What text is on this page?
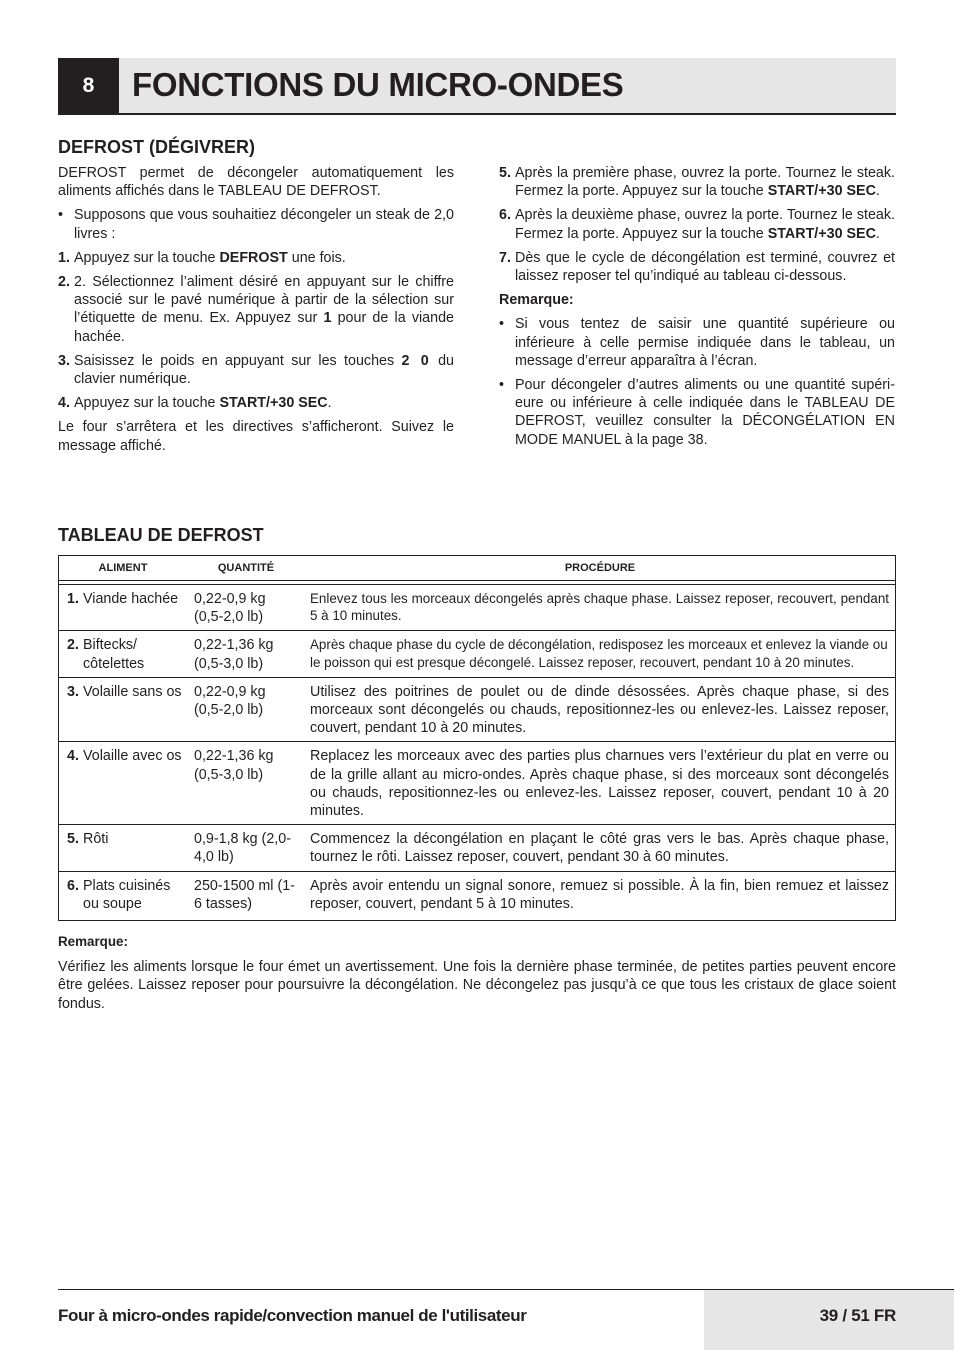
8	FONCTIONS DU MICRO-ONDES
DEFROST (DÉGIVRER)

DEFROST permet de décongeler automatiquement les aliments affichés dans le TABLEAU DE DEFROST.

• Supposons que vous souhaitiez décongeler un steak de 2,0 livres :
1. Appuyez sur la touche DEFROST une fois.
2. 2. Sélectionnez l’aliment désiré en appuyant sur le chiffre associé sur le pavé numérique à partir de la sélection sur l’étiquette de menu. Ex. Appuyez sur 1 pour de la viande hachée.
3. Saisissez le poids en appuyant sur les touches 2 0 du clavier numérique.
4. Appuyez sur la touche START/+30 SEC.

Le four s’arrêtera et les directives s’afficheront. Suivez le message affiché.

5. Après la première phase, ouvrez la porte. Tournez le steak. Fermez la porte. Appuyez sur la touche START/+30 SEC.
6. Après la deuxième phase, ouvrez la porte. Tournez le steak. Fermez la porte. Appuyez sur la touche START/+30 SEC.
7. Dès que le cycle de décongélation est terminé, couvrez et laissez reposer tel qu’indiqué au tableau ci-dessous.

Remarque:

• Si vous tentez de saisir une quantité supérieure ou inférieure à celle permise indiquée dans le tableau, un message d’erreur apparaîtra à l’écran.
• Pour décongeler d’autres aliments ou une quantité supéri-eure ou inférieure à celle indiquée dans le TABLEAU DE DEFROST, veuillez consulter la DÉCONGÉLATION EN MODE MANUEL à la page 38.
TABLEAU DE DEFROST
ALIMENT	QUANTITÉ	PROCÉDURE

1. Viande hachée	0,22-0,9 kg (0,5-2,0 lb)	Enlevez tous les morceaux décongelés après chaque phase. Laissez reposer, recouvert, pendant 5 à 10 minutes.

2. Biftecks/ côtelettes	0,22-1,36 kg (0,5-3,0 lb)	Après chaque phase du cycle de décongélation, redisposez les morceaux et enlevez la viande ou le poisson qui est presque décongelé. Laissez reposer, recouvert, pendant 10 à 20 minutes.

3. Volaille sans os	0,22-0,9 kg (0,5-2,0 lb)	Utilisez des poitrines de poulet ou de dinde désossées. Après chaque phase, si des morceaux sont décongelés ou chauds, repositionnez-les ou enlevez-les. Laissez reposer, couvert, pendant 10 à 20 minutes.

4. Volaille avec os	0,22-1,36 kg (0,5-3,0 lb)	Replacez les morceaux avec des parties plus charnues vers l’extérieur du plat en verre ou de la grille allant au micro-ondes. Après chaque phase, si des morceaux sont décongelés ou chauds, repositionnez-les ou enlevez-les. Laissez reposer, couvert, pendant 10 à 20 minutes.

5. Rôti	0,9-1,8 kg (2,0-4,0 lb)	Commencez la décongélation en plaçant le côté gras vers le bas. Après chaque phase, tournez le rôti. Laissez reposer, couvert, pendant 30 à 60 minutes.

6. Plats cuisinés ou soupe	250-1500 ml (1-6 tasses)	Après avoir entendu un signal sonore, remuez si possible. À la fin, bien remuez et laissez reposer, couvert, pendant 5 à 10 minutes.

Remarque:

Vérifiez les aliments lorsque le four émet un avertissement. Une fois la dernière phase terminée, de petites parties peuvent encore être gelées. Laissez reposer pour poursuivre la décongélation. Ne décongelez pas jusqu’à ce que tous les cristaux de glace soient fondus.

Four à micro-ondes rapide/convection manuel de l'utilisateur	39 / 51 FR
